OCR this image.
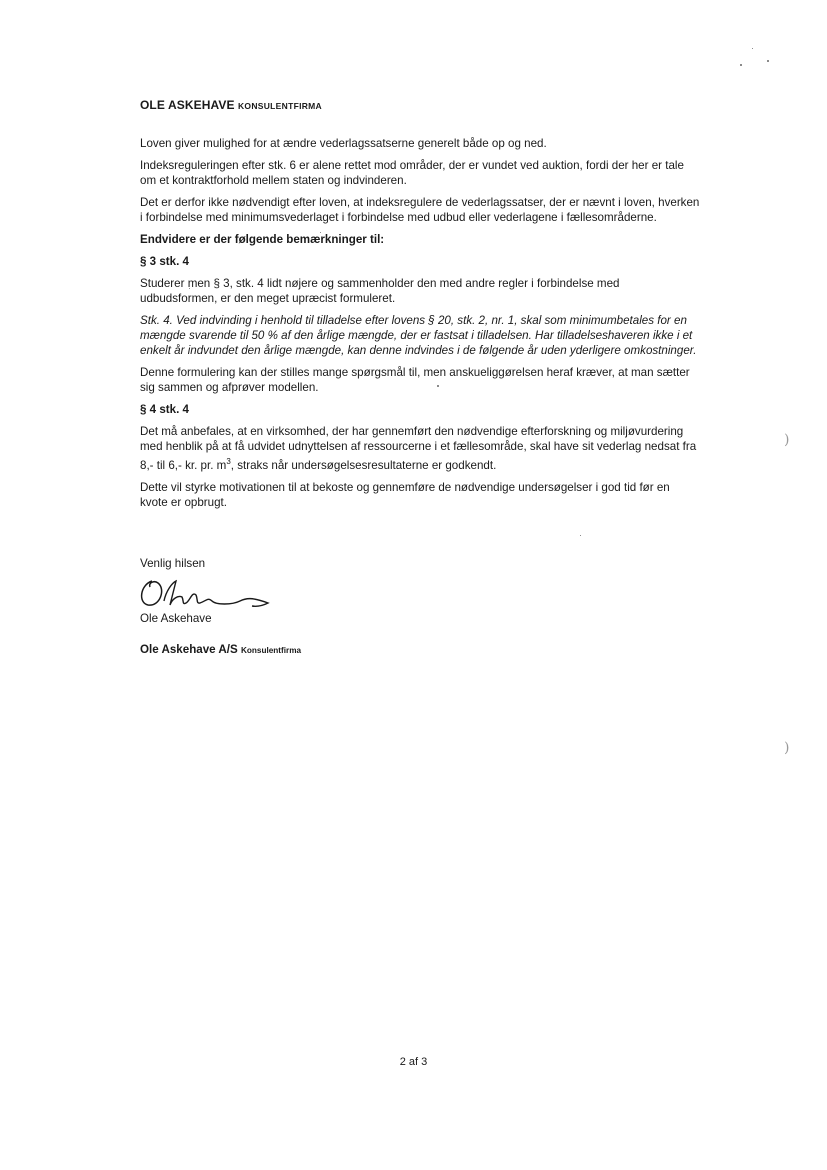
)
)
OLE ASKEHAVE KONSULENTFIRMA

Loven giver mulighed for at ændre vederlagssatserne generelt både op og ned.

Indeksreguleringen efter stk. 6 er alene rettet mod områder, der er vundet ved auktion, fordi der her er tale om et kontraktforhold mellem staten og indvinderen.

Det er derfor ikke nødvendigt efter loven, at indeksregulere de vederlagssatser, der er nævnt i loven, hverken i forbindelse med minimumsvederlaget i forbindelse med udbud eller vederlagene i fællesområderne.

Endvidere er der følgende bemærkninger til:
§ 3 stk. 4

Studerer men § 3, stk. 4 lidt nøjere og sammenholder den med andre regler i forbindelse med udbudsformen, er den meget upræcist formuleret.

Stk. 4. Ved indvinding i henhold til tilladelse efter lovens § 20, stk. 2, nr. 1, skal som minimumbetales for en mængde svarende til 50 % af den årlige mængde, der er fastsat i tilladelsen. Har tilladelseshaveren ikke i et enkelt år indvundet den årlige mængde, kan denne indvindes i de følgende år uden yderligere omkostninger.

Denne formulering kan der stilles mange spørgsmål til, men anskueliggørelsen heraf kræver, at man sætter sig sammen og afprøver modellen.

§ 4 stk. 4

Det må anbefales, at en virksomhed, der har gennemført den nødvendige efterforskning og miljøvurdering med henblik på at få udvidet udnyttelsen af ressourcerne i et fællesområde, skal have sit vederlag nedsat fra 8,- til 6,- kr. pr. $m^3$, straks når undersøgelsesresultaterne er godkendt.

Dette vil styrke motivationen til at bekoste og gennemføre de nødvendige undersøgelser i god tid før en kvote er opbrugt.

Venlig hilsen
Ole Askehave
Ole Askehave A/S Konsulentfirma
2 af 3
